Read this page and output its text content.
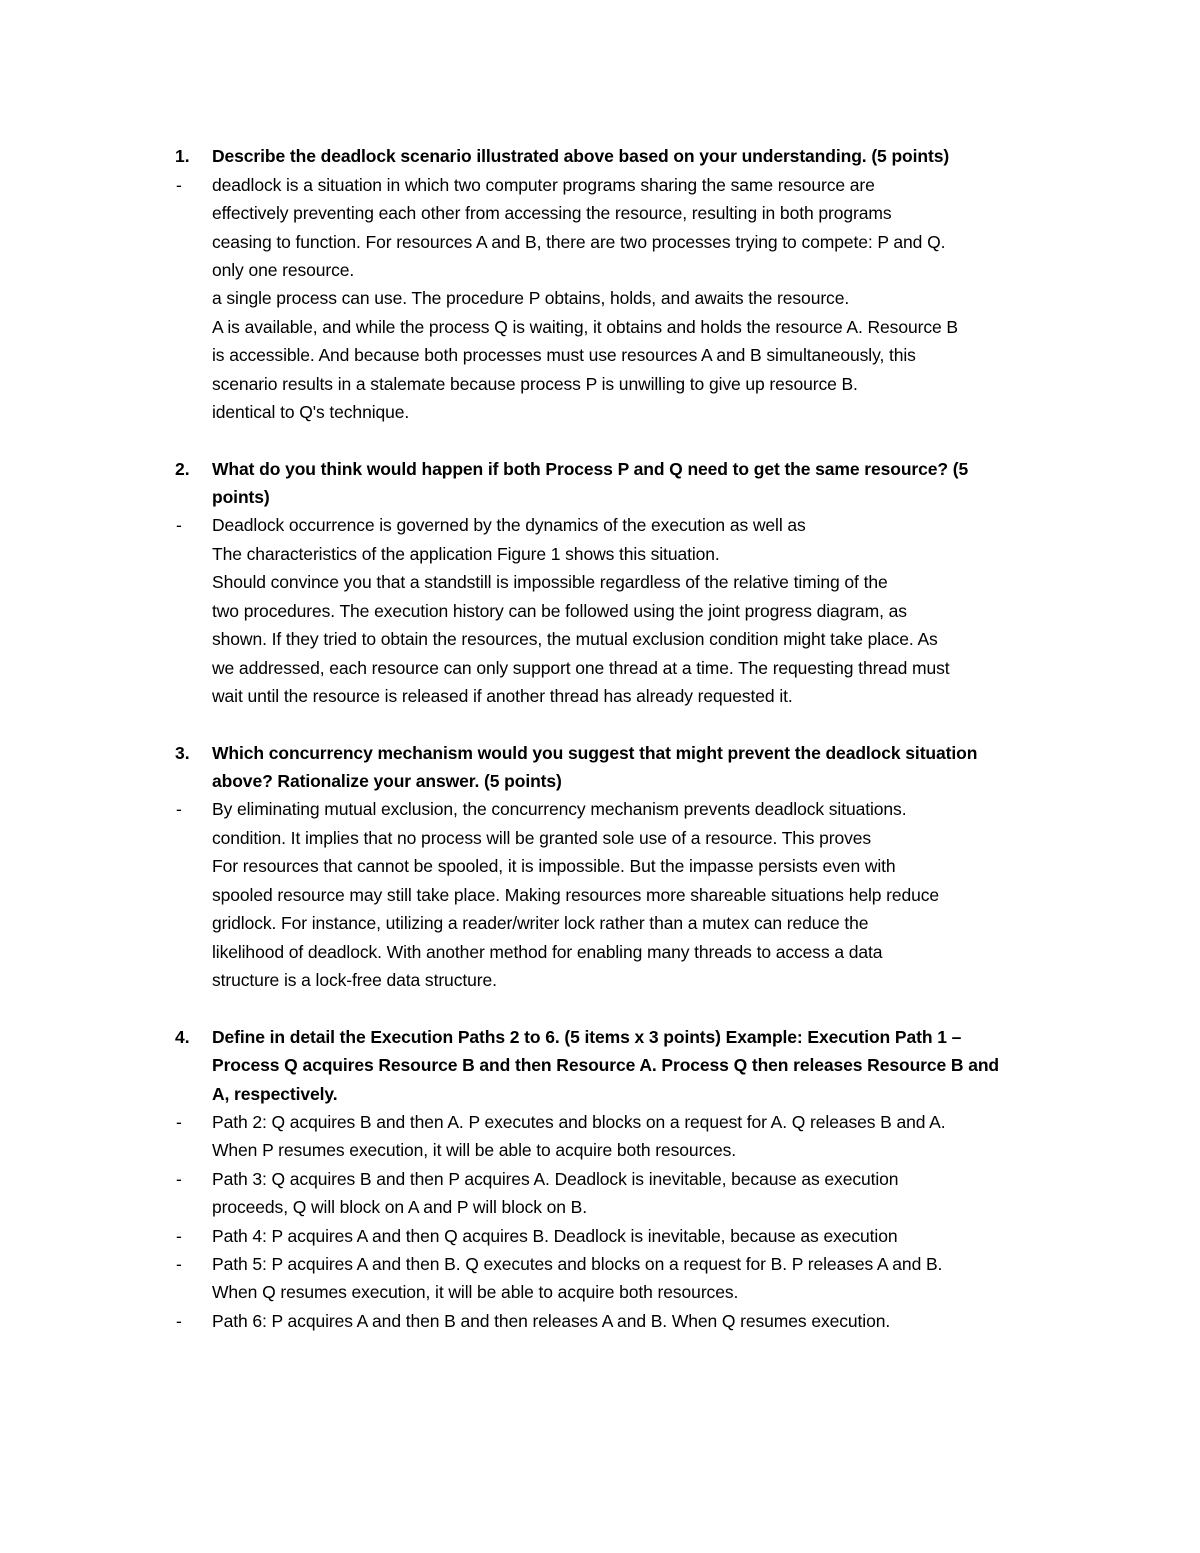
1. Describe the deadlock scenario illustrated above based on your understanding. (5 points)
- deadlock is a situation in which two computer programs sharing the same resource are
effectively preventing each other from accessing the resource, resulting in both programs
ceasing to function. For resources A and B, there are two processes trying to compete: P and Q.
only one resource.
a single process can use. The procedure P obtains, holds, and awaits the resource.
A is available, and while the process Q is waiting, it obtains and holds the resource A. Resource B
is accessible. And because both processes must use resources A and B simultaneously, this
scenario results in a stalemate because process P is unwilling to give up resource B.
identical to Q's technique.
2. What do you think would happen if both Process P and Q need to get the same resource? (5
points)
- Deadlock occurrence is governed by the dynamics of the execution as well as
The characteristics of the application Figure 1 shows this situation.
Should convince you that a standstill is impossible regardless of the relative timing of the
two procedures. The execution history can be followed using the joint progress diagram, as
shown. If they tried to obtain the resources, the mutual exclusion condition might take place. As
we addressed, each resource can only support one thread at a time. The requesting thread must
wait until the resource is released if another thread has already requested it.
3. Which concurrency mechanism would you suggest that might prevent the deadlock situation
above? Rationalize your answer. (5 points)
- By eliminating mutual exclusion, the concurrency mechanism prevents deadlock situations.
condition. It implies that no process will be granted sole use of a resource. This proves
For resources that cannot be spooled, it is impossible. But the impasse persists even with
spooled resource may still take place. Making resources more shareable situations help reduce
gridlock. For instance, utilizing a reader/writer lock rather than a mutex can reduce the
likelihood of deadlock. With another method for enabling many threads to access a data
structure is a lock-free data structure.
4. Define in detail the Execution Paths 2 to 6. (5 items x 3 points) Example: Execution Path 1 –
Process Q acquires Resource B and then Resource A. Process Q then releases Resource B and
A, respectively.
- Path 2: Q acquires B and then A. P executes and blocks on a request for A. Q releases B and A.
When P resumes execution, it will be able to acquire both resources.
- Path 3: Q acquires B and then P acquires A. Deadlock is inevitable, because as execution
proceeds, Q will block on A and P will block on B.
- Path 4: P acquires A and then Q acquires B. Deadlock is inevitable, because as execution
- Path 5: P acquires A and then B. Q executes and blocks on a request for B. P releases A and B.
When Q resumes execution, it will be able to acquire both resources.
- Path 6: P acquires A and then B and then releases A and B. When Q resumes execution.
